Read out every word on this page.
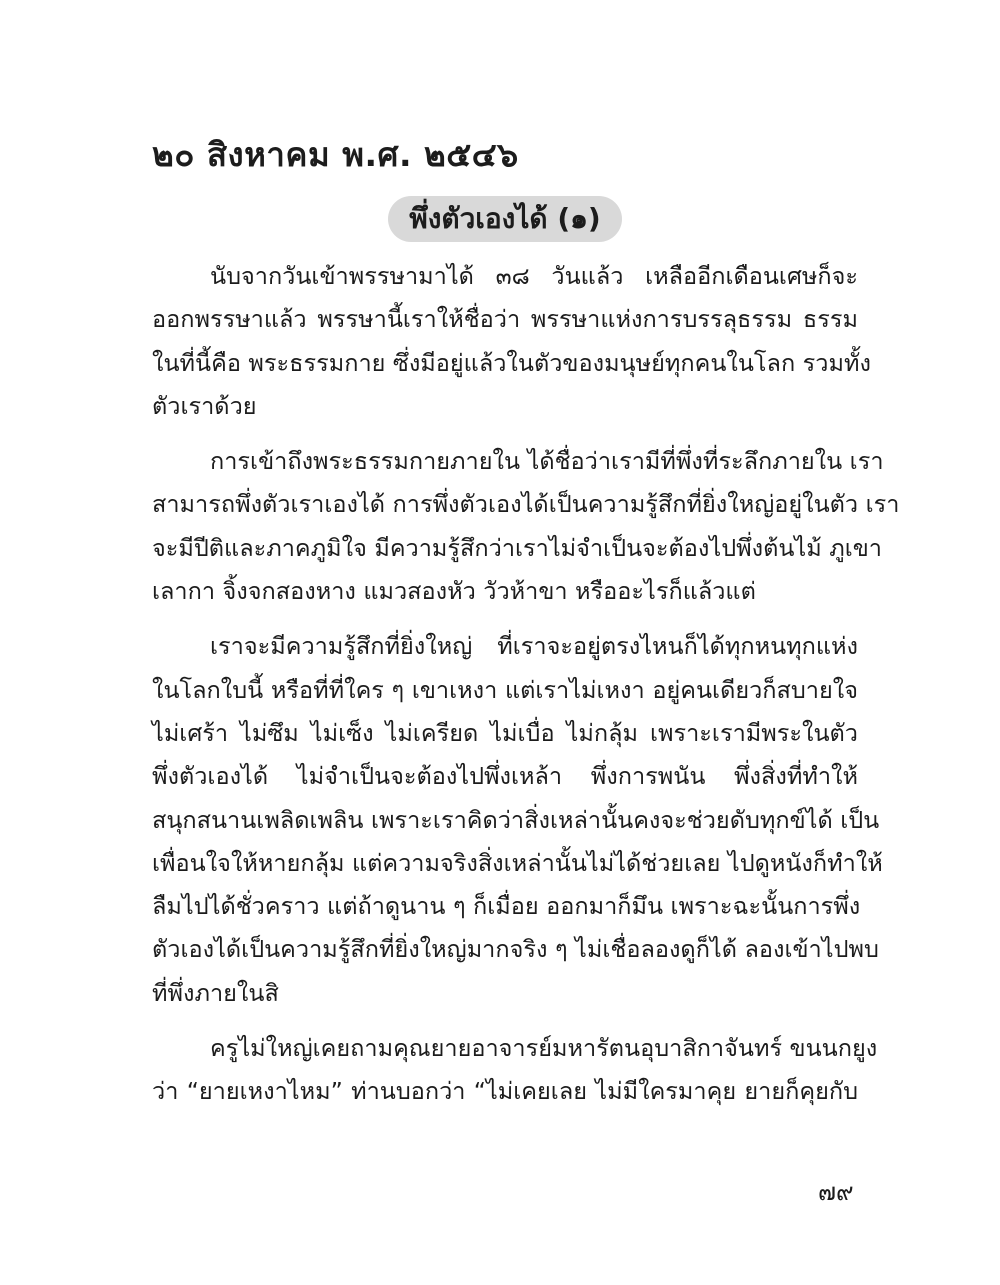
๒๐ สิงหาคม พ.ศ. ๒๕๔๖
พึ่งตัวเองได้ (๑)
นับจากวันเข้าพรรษามาได้ ๓๘ วันแล้ว เหลืออีกเดือนเศษก็จะ
ออกพรรษาแล้ว พรรษานี้เราให้ชื่อว่า พรรษาแห่งการบรรลุธรรม ธรรม
ในที่นี้คือ พระธรรมกาย ซึ่งมีอยู่แล้วในตัวของมนุษย์ทุกคนในโลก รวมทั้ง
ตัวเราด้วย
การเข้าถึงพระธรรมกายภายใน ได้ชื่อว่าเรามีที่พึ่งที่ระลึกภายใน เรา
สามารถพึ่งตัวเราเองได้ การพึ่งตัวเองได้เป็นความรู้สึกที่ยิ่งใหญ่อยู่ในตัว เรา
จะมีปีติและภาคภูมิใจ มีความรู้สึกว่าเราไม่จำเป็นจะต้องไปพึ่งต้นไม้ ภูเขา
เลากา จิ้งจกสองหาง แมวสองหัว วัวห้าขา หรืออะไรก็แล้วแต่
เราจะมีความรู้สึกที่ยิ่งใหญ่ ที่เราจะอยู่ตรงไหนก็ได้ทุกหนทุกแห่ง
ในโลกใบนี้ หรือที่ที่ใคร ๆ เขาเหงา แต่เราไม่เหงา อยู่คนเดียวก็สบายใจ
ไม่เศร้า ไม่ซึม ไม่เซ็ง ไม่เครียด ไม่เบื่อ ไม่กลุ้ม เพราะเรามีพระในตัว
พึ่งตัวเองได้ ไม่จำเป็นจะต้องไปพึ่งเหล้า พึ่งการพนัน พึ่งสิ่งที่ทำให้
สนุกสนานเพลิดเพลิน เพราะเราคิดว่าสิ่งเหล่านั้นคงจะช่วยดับทุกข์ได้ เป็น
เพื่อนใจให้หายกลุ้ม แต่ความจริงสิ่งเหล่านั้นไม่ได้ช่วยเลย ไปดูหนังก็ทำให้
ลืมไปได้ชั่วคราว แต่ถ้าดูนาน ๆ ก็เมื่อย ออกมาก็มึน เพราะฉะนั้นการพึ่ง
ตัวเองได้เป็นความรู้สึกที่ยิ่งใหญ่มากจริง ๆ ไม่เชื่อลองดูก็ได้ ลองเข้าไปพบ
ที่พึ่งภายในสิ
ครูไม่ใหญ่เคยถามคุณยายอาจารย์มหารัตนอุบาสิกาจันทร์ ขนนกยูง
ว่า “ยายเหงาไหม” ท่านบอกว่า “ไม่เคยเลย ไม่มีใครมาคุย ยายก็คุยกับ
๗๙
